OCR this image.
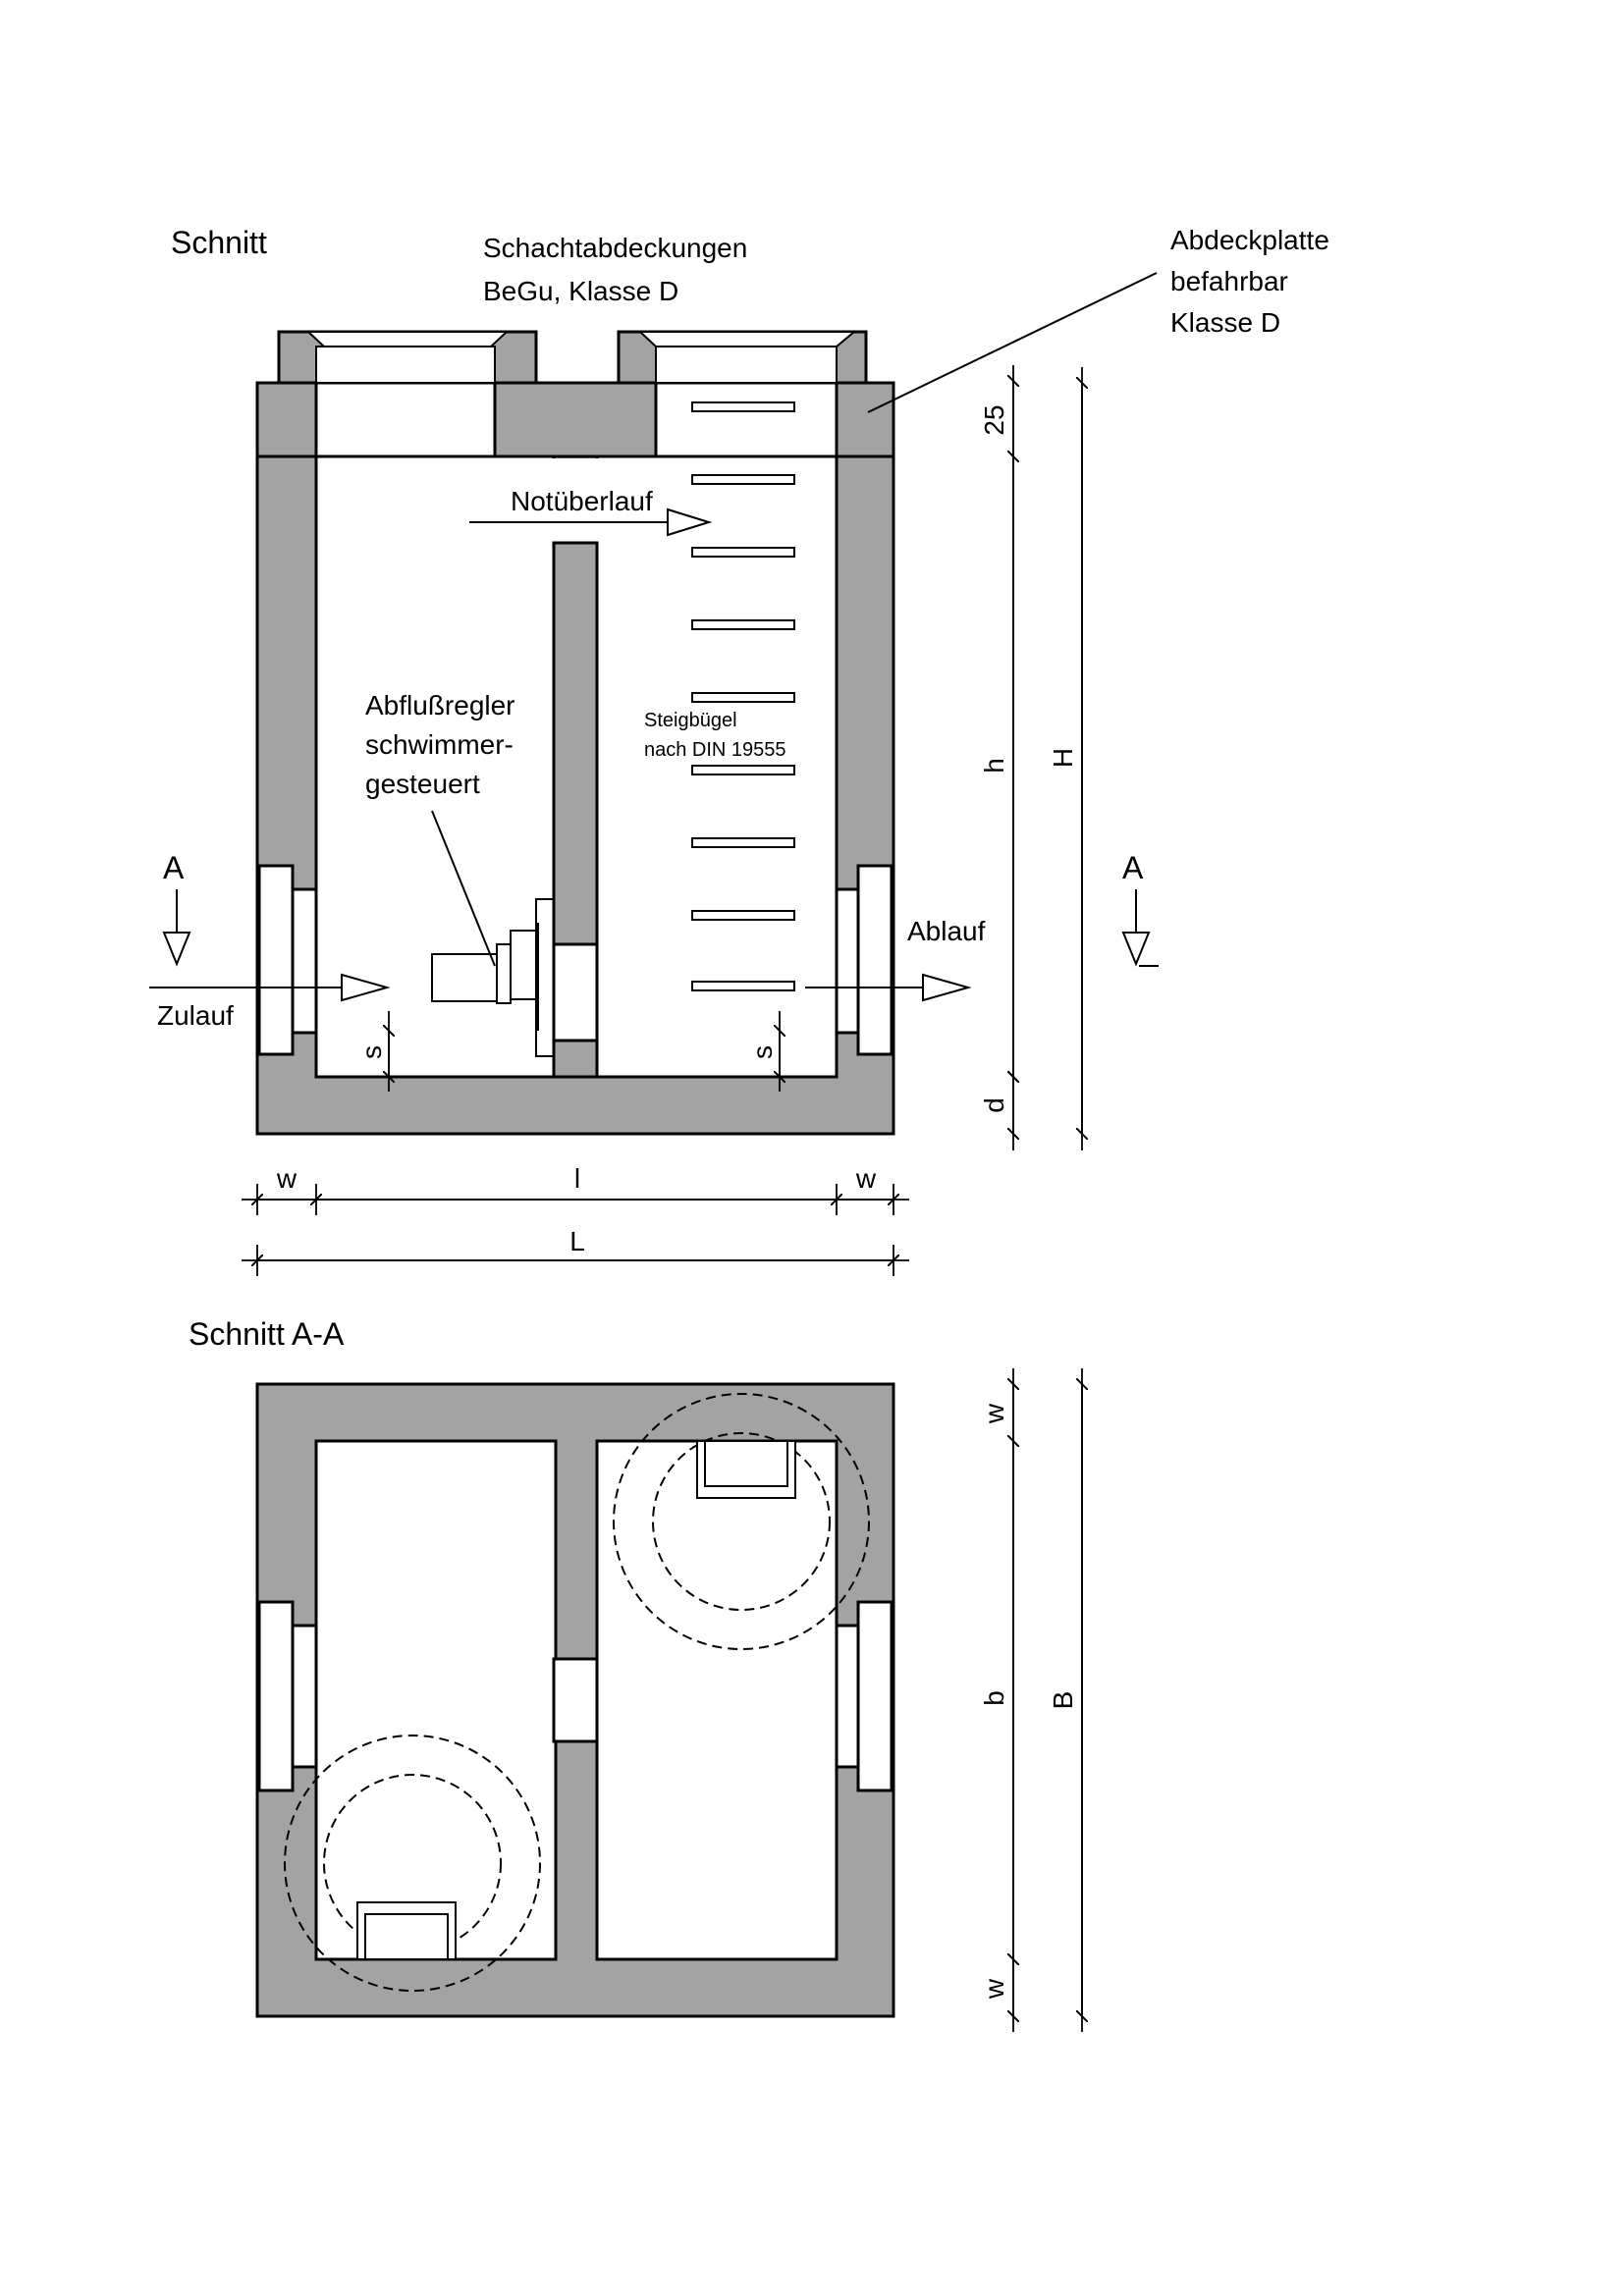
Schnitt
Schnitt A-A
Schachtabdeckungen
BeGu, Klasse D
Abdeckplatte
befahrbar
Klasse D
Notüberlauf
Abflußregler
schwimmer-
gesteuert
Steigbügel
nach DIN 19555
Zulauf
Ablauf
A	A
25
h H
d
s	s
w	l	w
L
w
b B
w
